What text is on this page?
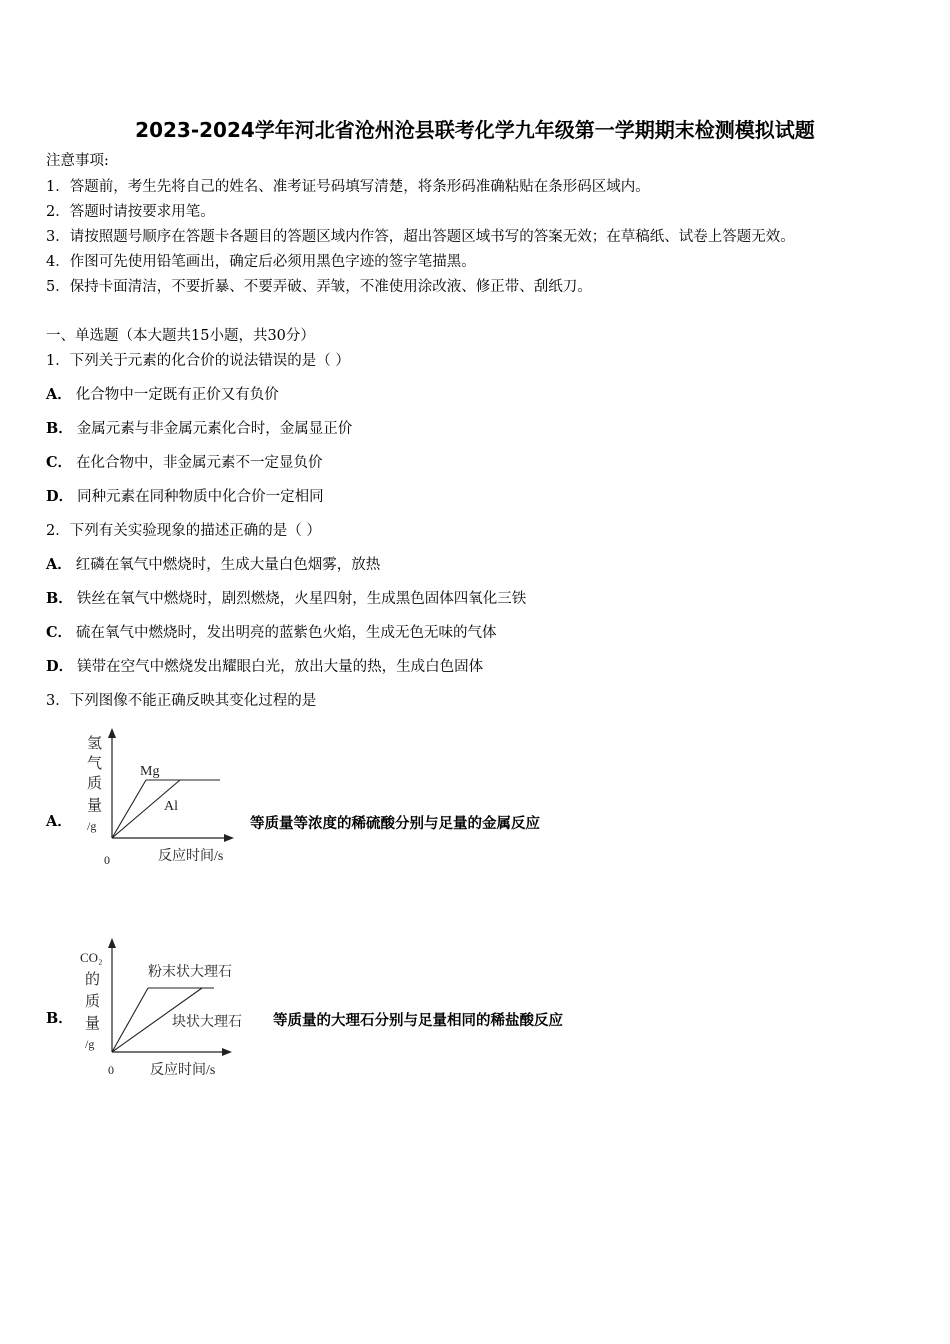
2023-2024学年河北省沧州沧县联考化学九年级第一学期期末检测模拟试题
注意事项:
1．答题前，考生先将自己的姓名、准考证号码填写清楚，将条形码准确粘贴在条形码区域内。
2．答题时请按要求用笔。
3．请按照题号顺序在答题卡各题目的答题区域内作答，超出答题区域书写的答案无效；在草稿纸、试卷上答题无效。
4．作图可先使用铅笔画出，确定后必须用黑色字迹的签字笔描黑。
5．保持卡面清洁，不要折暴、不要弄破、弄皱，不准使用涂改液、修正带、刮纸刀。
一、单选题（本大题共15小题，共30分）
1．下列关于元素的化合价的说法错误的是（ ）
A． 化合物中一定既有正价又有负价
B． 金属元素与非金属元素化合时，金属显正价
C． 在化合物中，非金属元素不一定显负价
D． 同种元素在同种物质中化合价一定相同
2．下列有关实验现象的描述正确的是（ ）
A． 红磷在氧气中燃烧时，生成大量白色烟雾，放热
B． 铁丝在氧气中燃烧时，剧烈燃烧，火星四射，生成黑色固体四氧化三铁
C． 硫在氧气中燃烧时，发出明亮的蓝紫色火焰，生成无色无味的气体
D． 镁带在空气中燃烧发出耀眼白光，放出大量的热，生成白色固体
3．下列图像不能正确反映其变化过程的是
A．
氢
气
质
量
/g
Mg
Al
0	反应时间/s
等质量等浓度的稀硫酸分别与足量的金属反应
B．
CO₂
的
质
量
/g
粉末状大理石
块状大理石
0	反应时间/s
等质量的大理石分别与足量相同的稀盐酸反应
